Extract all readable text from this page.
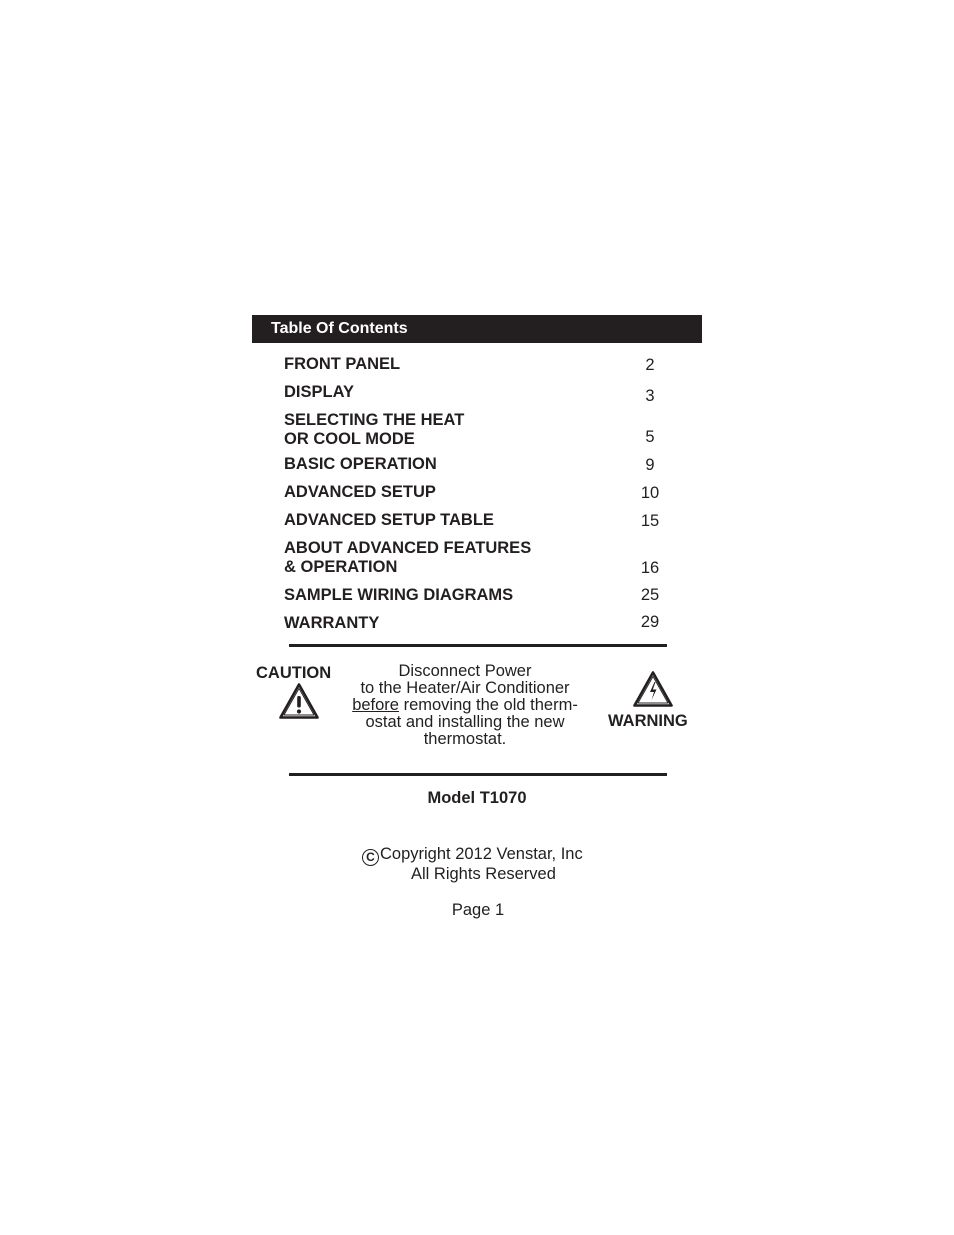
Table Of Contents
FRONT PANEL	2
DISPLAY	3
SELECTING THE HEAT
OR COOL MODE	5
BASIC OPERATION	9
ADVANCED SETUP	10
ADVANCED SETUP TABLE	15
ABOUT ADVANCED FEATURES
& OPERATION	16
SAMPLE WIRING DIAGRAMS	25
WARRANTY	29
CAUTION	Disconnect Power
to the Heater/Air Conditioner
before removing the old therm-
ostat and installing the new
thermostat.
WARNING
Model T1070
C Copyright 2012 Venstar, Inc
All Rights Reserved
Page 1
